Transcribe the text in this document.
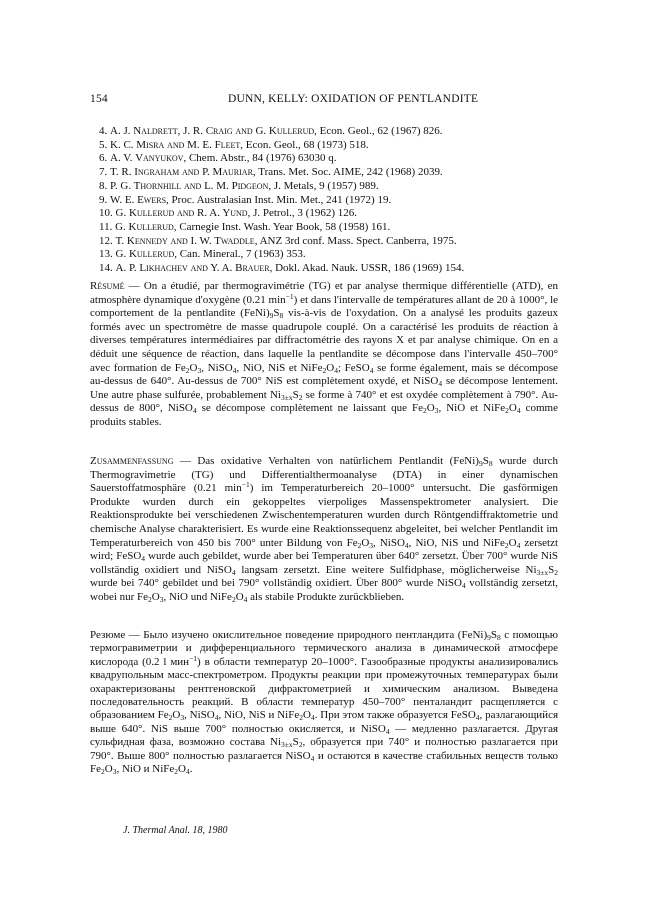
154	DUNN, KELLY: OXIDATION OF PENTLANDITE
4. A. J. Naldrett, J. R. Craig and G. Kullerud, Econ. Geol., 62 (1967) 826.
5. K. C. Misra and M. E. Fleet, Econ. Geol., 68 (1973) 518.
6. A. V. Vanyukov, Chem. Abstr., 84 (1976) 63030 q.
7. T. R. Ingraham and P. Mauriar, Trans. Met. Soc. AIME, 242 (1968) 2039.
8. P. G. Thornhill and L. M. Pidgeon, J. Metals, 9 (1957) 989.
9. W. E. Ewers, Proc. Australasian Inst. Min. Met., 241 (1972) 19.
10. G. Kullerud and R. A. Yund, J. Petrol., 3 (1962) 126.
11. G. Kullerud, Carnegie Inst. Wash. Year Book, 58 (1958) 161.
12. T. Kennedy and I. W. Twaddle, ANZ 3rd conf. Mass. Spect. Canberra, 1975.
13. G. Kullerud, Can. Mineral., 7 (1963) 353.
14. A. P. Likhachev and Y. A. Brauer, Dokl. Akad. Nauk. USSR, 186 (1969) 154.

Résumé — On a étudié, par thermogravimétrie (TG) et par analyse thermique différentielle (ATD), en atmosphère dynamique d'oxygène (0.21 $\min^{-1}$) et dans l'intervalle de températures allant de 20 à 1000°, le comportement de la pentlandite $(FeNi)_9S_8$ vis-à-vis de l'oxydation. On a analysé les produits gazeux formés avec un spectromètre de masse quadrupole couplé. On a caractérisé les produits de réaction à diverses températures intermédiaires par diffractométrie des rayons X et par analyse chimique. On en a déduit une séquence de réaction, dans laquelle la pentlandite se décompose dans l'intervalle 450–700° avec formation de $Fe_2O_3$, NiSO$_4$, NiO, NiS et $NiFe_2O_4$; FeSO$_4$ se forme également, mais se décompose au-dessus de 640°. Au-dessus de 700° NiS est complètement oxydé, et NiSO$_4$ se décompose lentement. Une autre phase sulfurée, probablement $Ni_{3\pm x}S_2$ se forme à 740° et est oxydée complètement à 790°. Au-dessus de 800°, NiSO$_4$ se décompose complètement ne laissant que $Fe_2O_3$, NiO et $NiFe_2O_4$ comme produits stables.

Zusammenfassung — Das oxidative Verhalten von natürlichem Pentlandit $(FeNi)_9S_8$ wurde durch Thermogravimetrie (TG) und Differentialthermoanalyse (DTA) in einer dynamischen Sauerstoffatmosphäre (0.21 $\min^{-1}$) im Temperaturbereich 20–1000° untersucht. Die gasförmigen Produkte wurden durch ein gekoppeltes vierpoliges Massenspektrometer analysiert. Die Reaktionsprodukte bei verschiedenen Zwischentemperaturen wurden durch Röntgendiffraktometrie und chemische Analyse charakterisiert. Es wurde eine Reaktionssequenz abgeleitet, bei welcher Pentlandit im Temperaturbereich von 450 bis 700° unter Bildung von $Fe_2O_3$, NiSO$_4$, NiO, NiS und $NiFe_2O_4$ zersetzt wird; FeSO$_4$ wurde auch gebildet, wurde aber bei Temperaturen über 640° zersetzt. Über 700° wurde NiS vollständig oxidiert und NiSO$_4$ langsam zersetzt. Eine weitere Sulfidphase, möglicherweise $Ni_{3\pm x}S_2$ wurde bei 740° gebildet und bei 790° vollständig oxidiert. Über 800° wurde NiSO$_4$ vollständig zersetzt, wobei nur $Fe_2O_3$, NiO und $NiFe_2O_4$ als stabile Produkte zurückblieben.

Резюме — Было изучено окислительное поведение природного пентландита $(FeNi)_9S_8$ с помощью термогравиметрии и дифференциального термического анализа в динамической атмосфере кислорода (0.2 l мин$^{-1}$) в области температур 20–1000°. Газообразные продукты анализировались квадрупольным масс-спектрометром. Продукты реакции при промежуточных температурах были охарактеризованы рентгеновской дифрактометрией и химическим анализом. Выведена последовательность реакций. В области температур 450–700° пенталандит расщепляется с образованием $Fe_2O_3$, NiSO$_4$, NiO, NiS и $NiFe_2O_4$. При этом также образуется FeSO$_4$, разлагающийся выше 640°. NiS выше 700° полностью окисляется, и NiSO$_4$ — медленно разлагается. Другая сульфидная фаза, возможно состава $Ni_{3\pm x}S_2$, образуется при 740° и полностью разлагается при 790°. Выше 800° полностью разлагается NiSO$_4$ и остаются в качестве стабильных веществ только $Fe_2O_3$, NiO и $NiFe_2O_4$.

J. Thermal Anal. 18, 1980
